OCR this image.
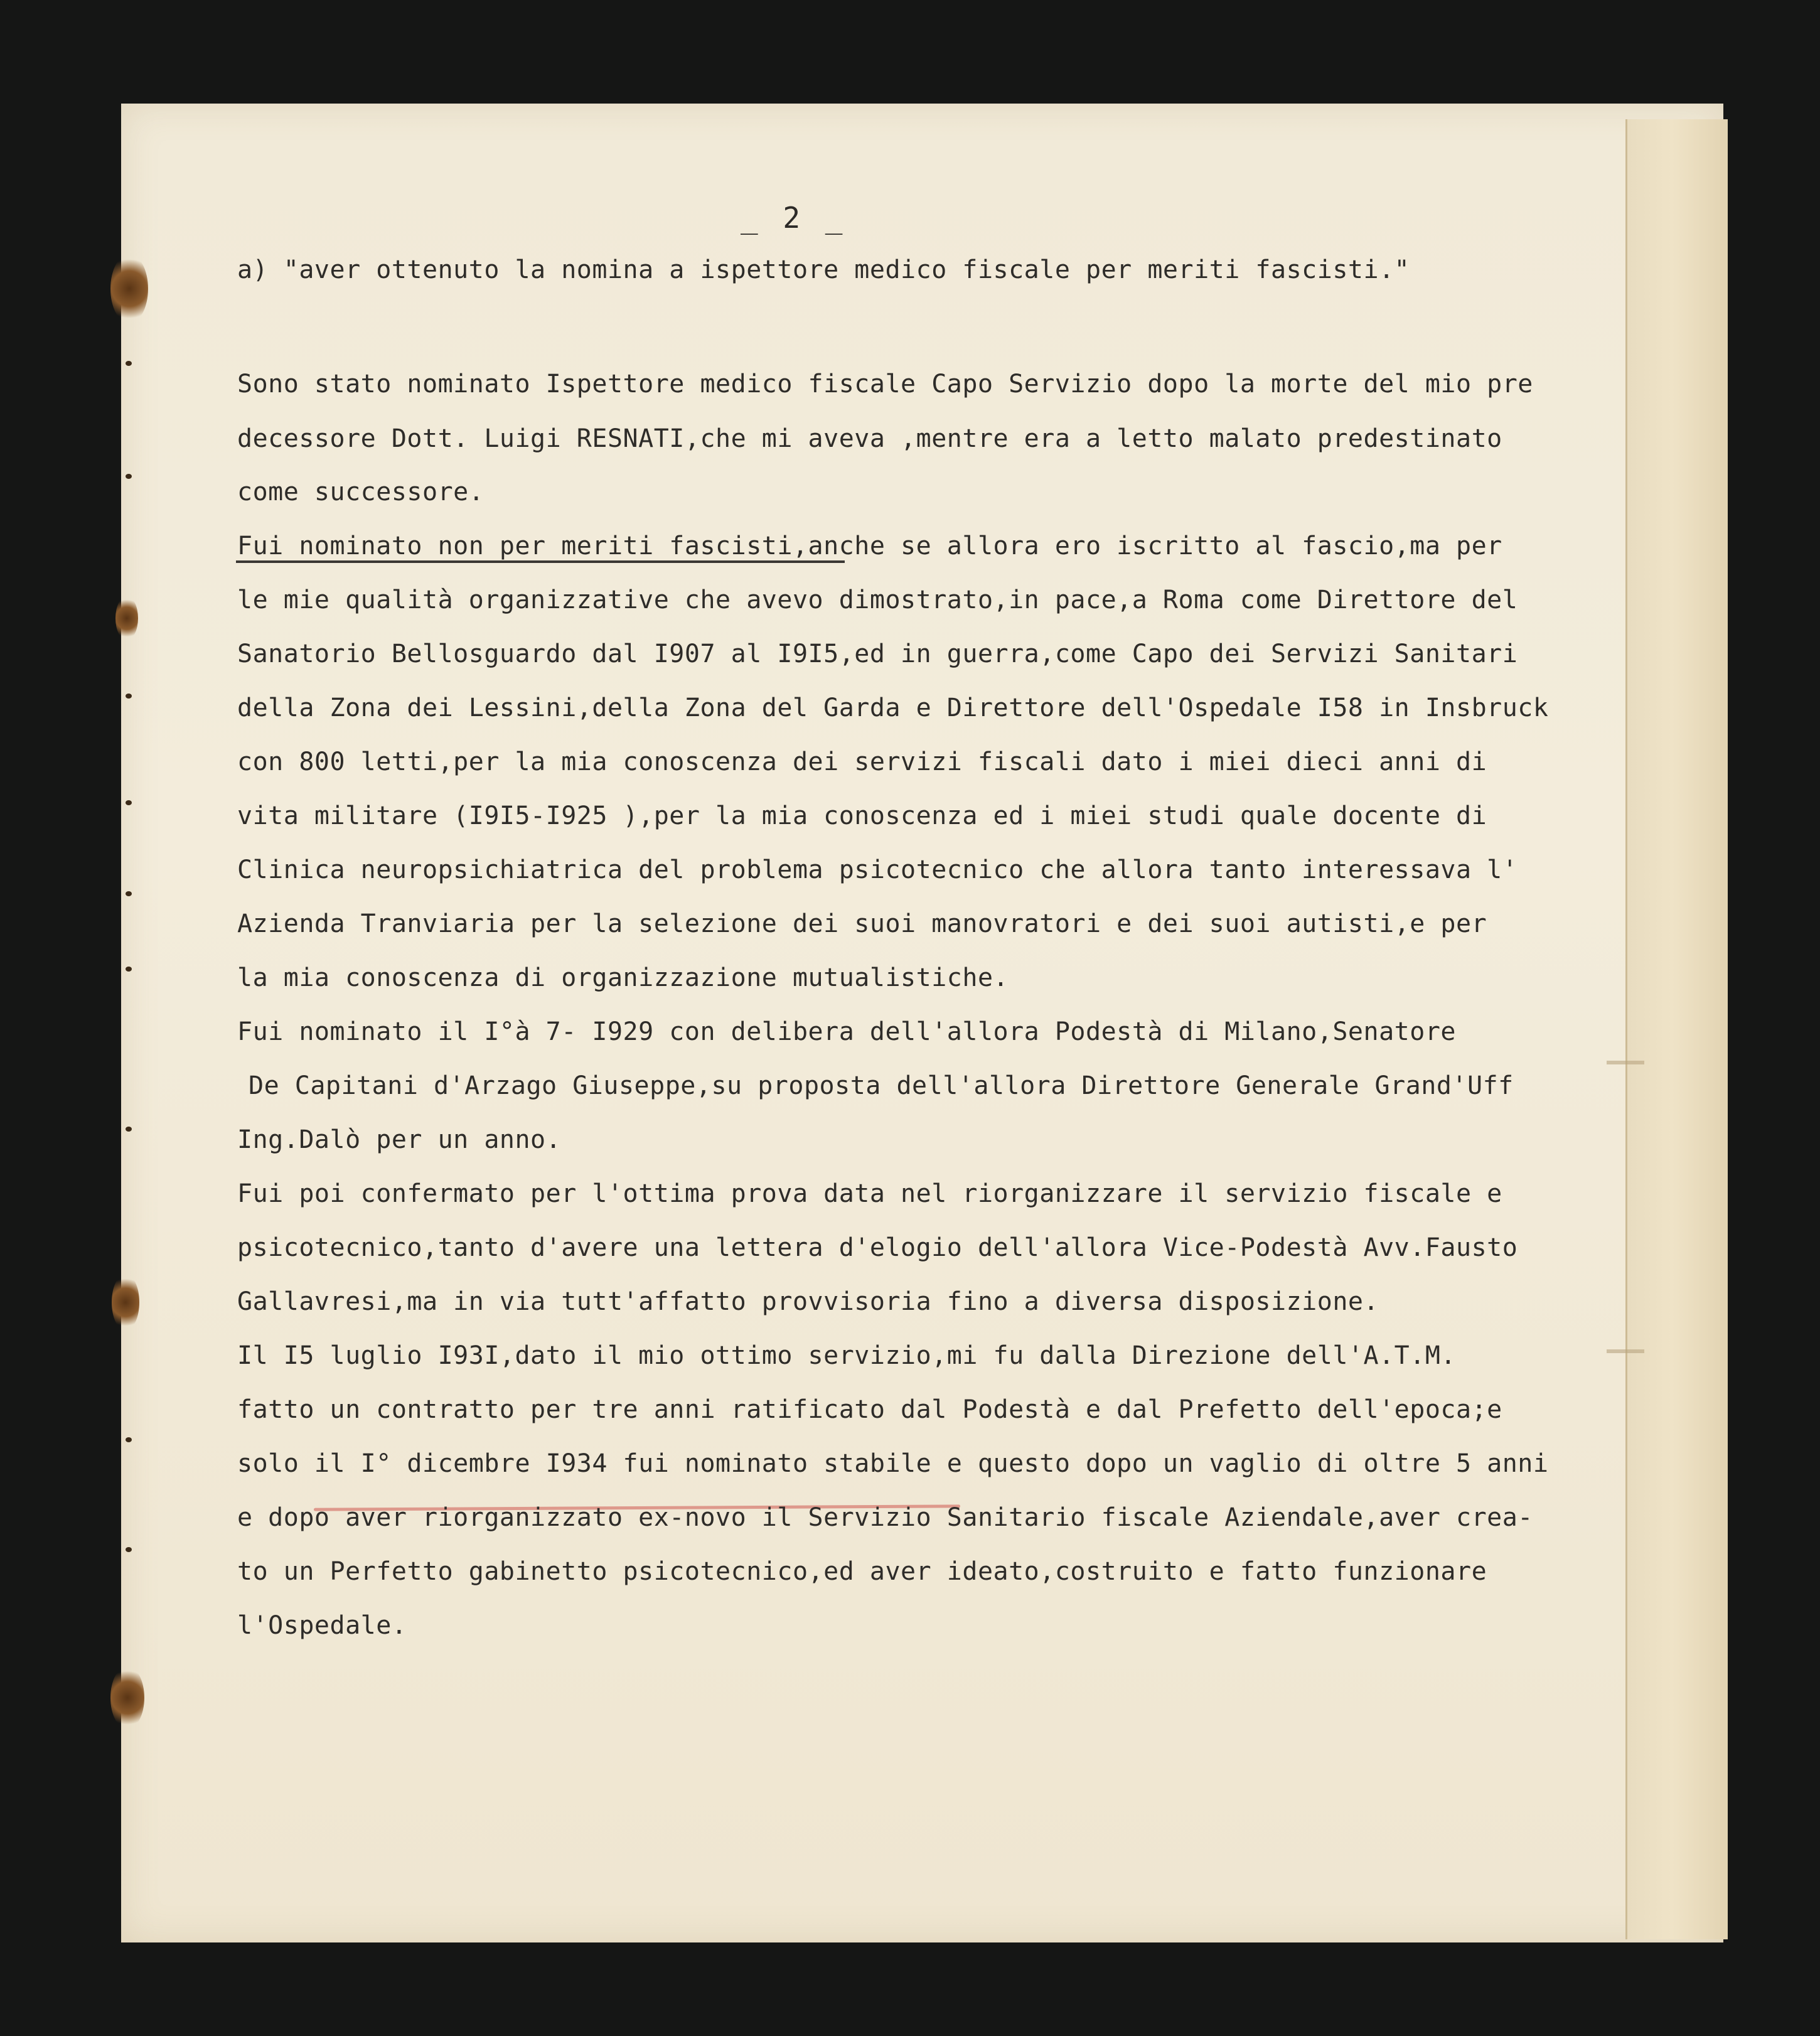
_ 2 _

a) "aver ottenuto la nomina a ispettore medico fiscale per meriti fascisti."

Sono stato nominato Ispettore medico fiscale Capo Servizio dopo la morte del mio pre

decessore Dott. Luigi RESNATI,che mi aveva ,mentre era a letto malato predestinato

come successore.

Fui nominato non per meriti fascisti,anche se allora ero iscritto al fascio,ma per

le mie qualità organizzative che avevo dimostrato,in pace,a Roma come Direttore del

Sanatorio Bellosguardo dal I907 al I9I5,ed in guerra,come Capo dei Servizi Sanitari

della Zona dei Lessini,della Zona del Garda e Direttore dell'Ospedale I58 in Insbruck

con 800 letti,per la mia conoscenza dei servizi fiscali dato i miei dieci anni di

vita militare (I9I5-I925 ),per la mia conoscenza ed i miei studi quale docente di

Clinica neuropsichiatrica del problema psicotecnico che allora tanto interessava l'

Azienda Tranviaria per la selezione dei suoi manovratori e dei suoi autisti,e per

la mia conoscenza di organizzazione mutualistiche.

Fui nominato il I°à 7- I929 con delibera dell'allora Podestà di Milano,Senatore

De Capitani d'Arzago Giuseppe,su proposta dell'allora Direttore Generale Grand'Uff

Ing.Dalò per un anno.

Fui poi confermato per l'ottima prova data nel riorganizzare il servizio fiscale e

psicotecnico,tanto d'avere una lettera d'elogio dell'allora Vice-Podestà Avv.Fausto

Gallavresi,ma in via tutt'affatto provvisoria fino a diversa disposizione.

Il I5 luglio I93I,dato il mio ottimo servizio,mi fu dalla Direzione dell'A.T.M.

fatto un contratto per tre anni ratificato dal Podestà e dal Prefetto dell'epoca;e

solo il I° dicembre I934 fui nominato stabile e questo dopo un vaglio di oltre 5 anni

e dopo aver riorganizzato ex-novo il Servizio Sanitario fiscale Aziendale,aver crea-

to un Perfetto gabinetto psicotecnico,ed aver ideato,costruito e fatto funzionare

l'Ospedale.
